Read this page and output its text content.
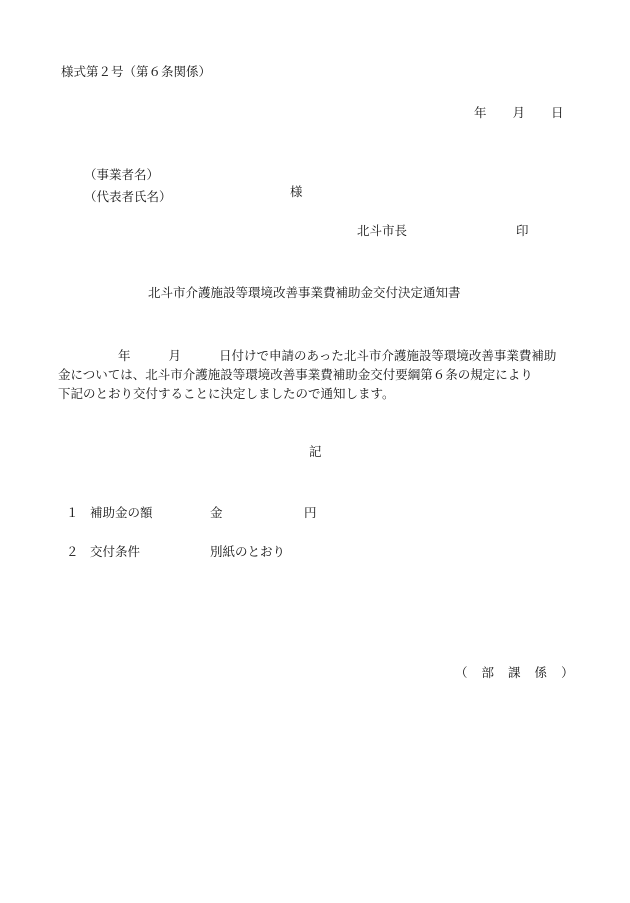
様式第２号（第６条関係）
年 月 日
（事業者名）
（代表者氏名）	様
北斗市長	印
北斗市介護施設等環境改善事業費補助金交付決定通知書
年	月	日付けで申請のあった北斗市介護施設等環境改善事業費補助
金については、北斗市介護施設等環境改善事業費補助金交付要綱第６条の規定により
下記のとおり交付することに決定しましたので通知します。
記
１ 補助金の額	金	円
２ 交付条件	別紙のとおり
（ 部 課 係 ）
